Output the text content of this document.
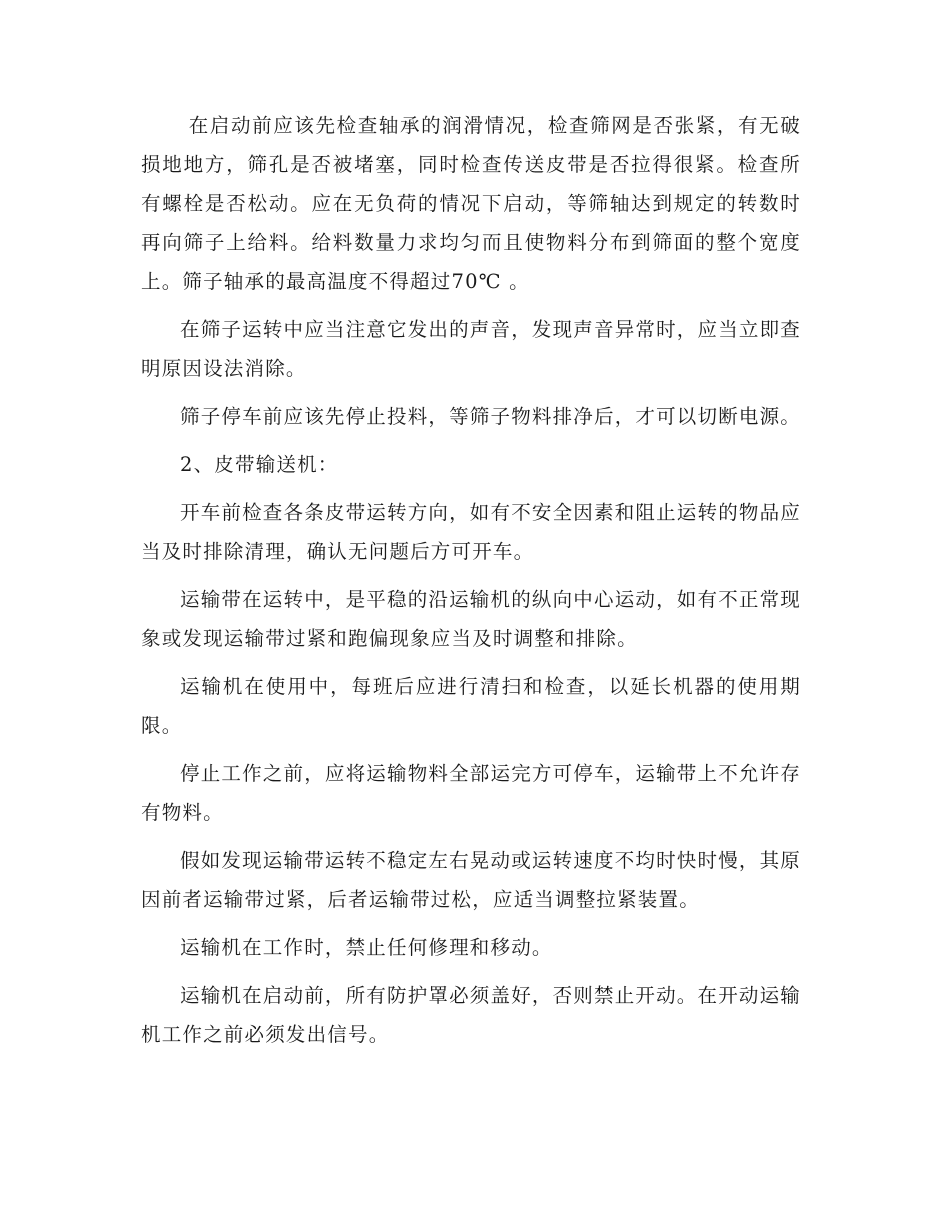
在启动前应该先检查轴承的润滑情况，检查筛网是否张紧，有无破损地地方，筛孔是否被堵塞，同时检查传送皮带是否拉得很紧。检查所有螺栓是否松动。应在无负荷的情况下启动，等筛轴达到规定的转数时再向筛子上给料。给料数量力求均匀而且使物料分布到筛面的整个宽度上。筛子轴承的最高温度不得超过70℃ 。

在筛子运转中应当注意它发出的声音，发现声音异常时，应当立即查明原因设法消除。

筛子停车前应该先停止投料，等筛子物料排净后，才可以切断电源。

2、皮带输送机：

开车前检查各条皮带运转方向，如有不安全因素和阻止运转的物品应当及时排除清理，确认无问题后方可开车。

运输带在运转中，是平稳的沿运输机的纵向中心运动，如有不正常现象或发现运输带过紧和跑偏现象应当及时调整和排除。

运输机在使用中，每班后应进行清扫和检查，以延长机器的使用期限。

停止工作之前，应将运输物料全部运完方可停车，运输带上不允许存有物料。

假如发现运输带运转不稳定左右晃动或运转速度不均时快时慢，其原因前者运输带过紧，后者运输带过松，应适当调整拉紧装置。

运输机在工作时，禁止任何修理和移动。

运输机在启动前，所有防护罩必须盖好，否则禁止开动。在开动运输机工作之前必须发出信号。
